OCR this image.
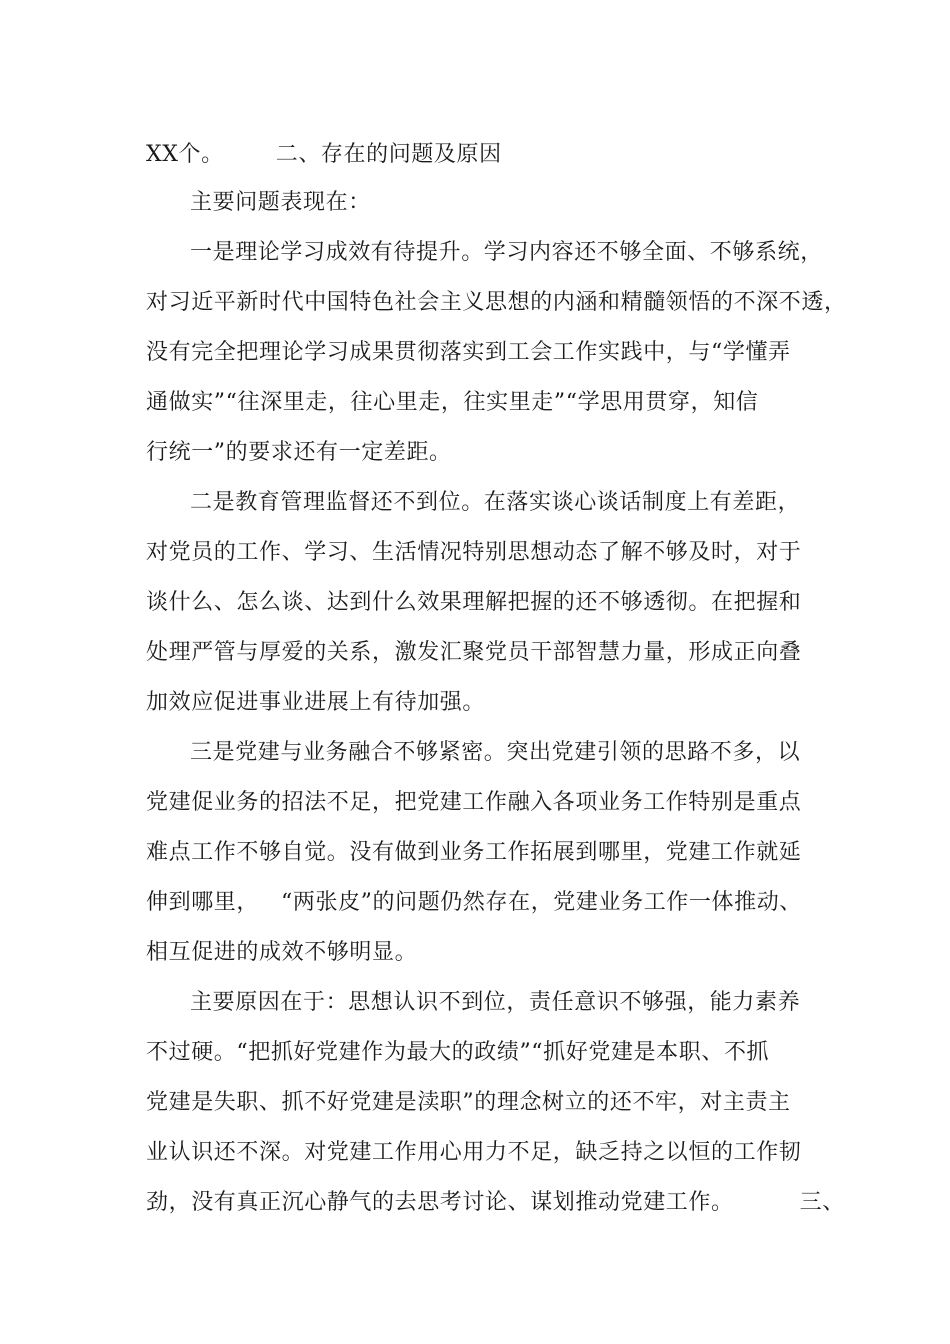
XX个。 二、存在的问题及原因
主要问题表现在：
一是理论学习成效有待提升。学习内容还不够全面、不够系统，
对习近平新时代中国特色社会主义思想的内涵和精髓领悟的不深不透，
没有完全把理论学习成果贯彻落实到工会工作实践中，与“学懂弄
通做实”“往深里走，往心里走，往实里走”“学思用贯穿，知信
行统一”的要求还有一定差距。
二是教育管理监督还不到位。在落实谈心谈话制度上有差距，
对党员的工作、学习、生活情况特别思想动态了解不够及时，对于
谈什么、怎么谈、达到什么效果理解把握的还不够透彻。在把握和
处理严管与厚爱的关系，激发汇聚党员干部智慧力量，形成正向叠
加效应促进事业进展上有待加强。
三是党建与业务融合不够紧密。突出党建引领的思路不多，以
党建促业务的招法不足，把党建工作融入各项业务工作特别是重点
难点工作不够自觉。没有做到业务工作拓展到哪里，党建工作就延
伸到哪里， “两张皮”的问题仍然存在，党建业务工作一体推动、
相互促进的成效不够明显。
主要原因在于：思想认识不到位，责任意识不够强，能力素养
不过硬。“把抓好党建作为最大的政绩”“抓好党建是本职、不抓
党建是失职、抓不好党建是渎职”的理念树立的还不牢，对主责主
业认识还不深。对党建工作用心用力不足，缺乏持之以恒的工作韧
劲，没有真正沉心静气的去思考讨论、谋划推动党建工作。	三、
